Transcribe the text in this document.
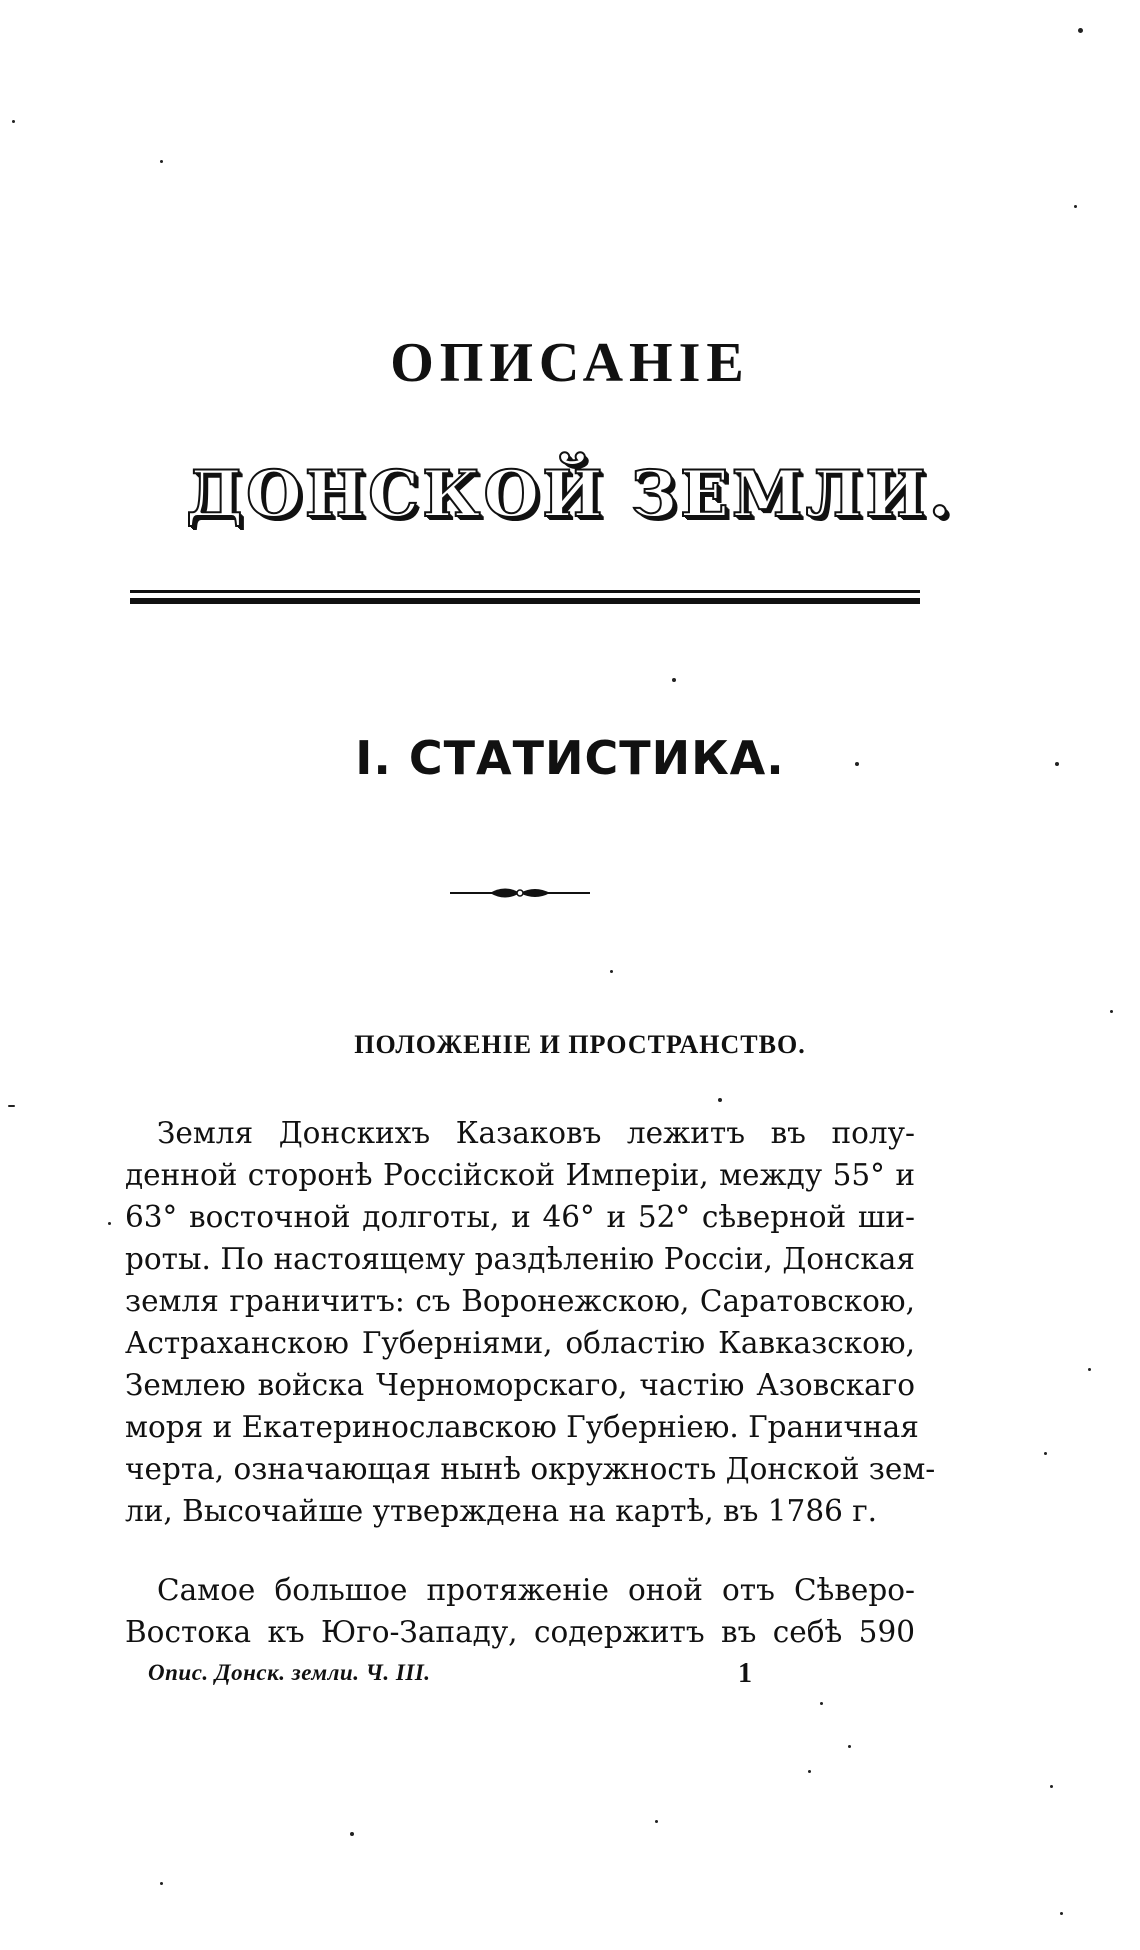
ОПИСАНІЕ
ДОНСКОЙ ЗЕМЛИ.
I. СТАТИСТИКА.
ПОЛОЖЕНІЕ И ПРОСТРАНСТВО.
Земля Донскихъ Казаковъ лежитъ въ полу-
денной сторонѣ Россійской Имперіи, между 55° и
63° восточной долготы, и 46° и 52° сѣверной ши-
роты. По настоящему раздѣленію Россіи, Донская
земля граничитъ: съ Воронежскою, Саратовскою,
Астраханскою Губерніями, областію Кавказскою,
Землею войска Черноморскаго, частію Азовскаго
моря и Екатеринославскою Губерніею. Граничная
черта, означающая нынѣ окружность Донской зем-
ли, Высочайше утверждена на картѣ, въ 1786 г.
Самое большое протяженіе оной отъ Сѣверо-
Востока къ Юго-Западу, содержитъ въ себѣ 590
Опис. Донск. земли. Ч. III.	1
